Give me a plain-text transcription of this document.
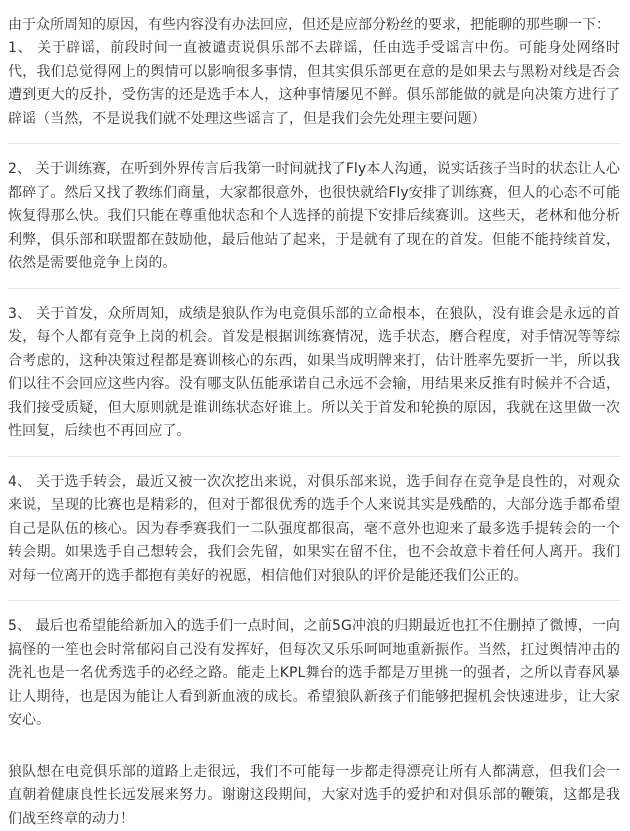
由于众所周知的原因，有些内容没有办法回应，但还是应部分粉丝的要求，把能聊的那些聊一下：

1、 关于辟谣，前段时间一直被谴责说俱乐部不去辟谣，任由选手受谣言中伤。可能身处网络时代，我们总觉得网上的舆情可以影响很多事情，但其实俱乐部更在意的是如果去与黑粉对线是否会遭到更大的反扑，受伤害的还是选手本人，这种事情屡见不鲜。俱乐部能做的就是向决策方进行了辟谣（当然，不是说我们就不处理这些谣言了，但是我们会先处理主要问题）

2、 关于训练赛，在听到外界传言后我第一时间就找了Fly本人沟通，说实话孩子当时的状态让人心都碎了。然后又找了教练们商量，大家都很意外，也很快就给Fly安排了训练赛，但人的心态不可能恢复得那么快。我们只能在尊重他状态和个人选择的前提下安排后续赛训。这些天，老林和他分析利弊，俱乐部和联盟都在鼓励他，最后他站了起来，于是就有了现在的首发。但能不能持续首发，依然是需要他竞争上岗的。

3、 关于首发，众所周知，成绩是狼队作为电竞俱乐部的立命根本，在狼队，没有谁会是永远的首发，每个人都有竞争上岗的机会。首发是根据训练赛情况，选手状态，磨合程度，对手情况等等综合考虑的，这种决策过程都是赛训核心的东西，如果当成明牌来打，估计胜率先要折一半，所以我们以往不会回应这些内容。没有哪支队伍能承诺自己永远不会输，用结果来反推有时候并不合适，我们接受质疑，但大原则就是谁训练状态好谁上。所以关于首发和轮换的原因，我就在这里做一次性回复，后续也不再回应了。

4、 关于选手转会，最近又被一次次挖出来说，对俱乐部来说，选手间存在竞争是良性的，对观众来说，呈现的比赛也是精彩的，但对于都很优秀的选手个人来说其实是残酷的，大部分选手都希望自己是队伍的核心。因为春季赛我们一二队强度都很高，毫不意外也迎来了最多选手提转会的一个转会期。如果选手自己想转会，我们会先留，如果实在留不住，也不会故意卡着任何人离开。我们对每一位离开的选手都抱有美好的祝愿，相信他们对狼队的评价是能还我们公正的。

5、 最后也希望能给新加入的选手们一点时间，之前5G冲浪的归期最近也扛不住删掉了微博，一向搞怪的一笙也会时常郁闷自己没有发挥好，但每次又乐乐呵呵地重新振作。当然，扛过舆情冲击的洗礼也是一名优秀选手的必经之路。能走上KPL舞台的选手都是万里挑一的强者，之所以青春风暴让人期待，也是因为能让人看到新血液的成长。希望狼队新孩子们能够把握机会快速进步，让大家安心。

狼队想在电竞俱乐部的道路上走很远，我们不可能每一步都走得漂亮让所有人都满意，但我们会一直朝着健康良性长远发展来努力。谢谢这段期间，大家对选手的爱护和对俱乐部的鞭策，这都是我们战至终章的动力！
